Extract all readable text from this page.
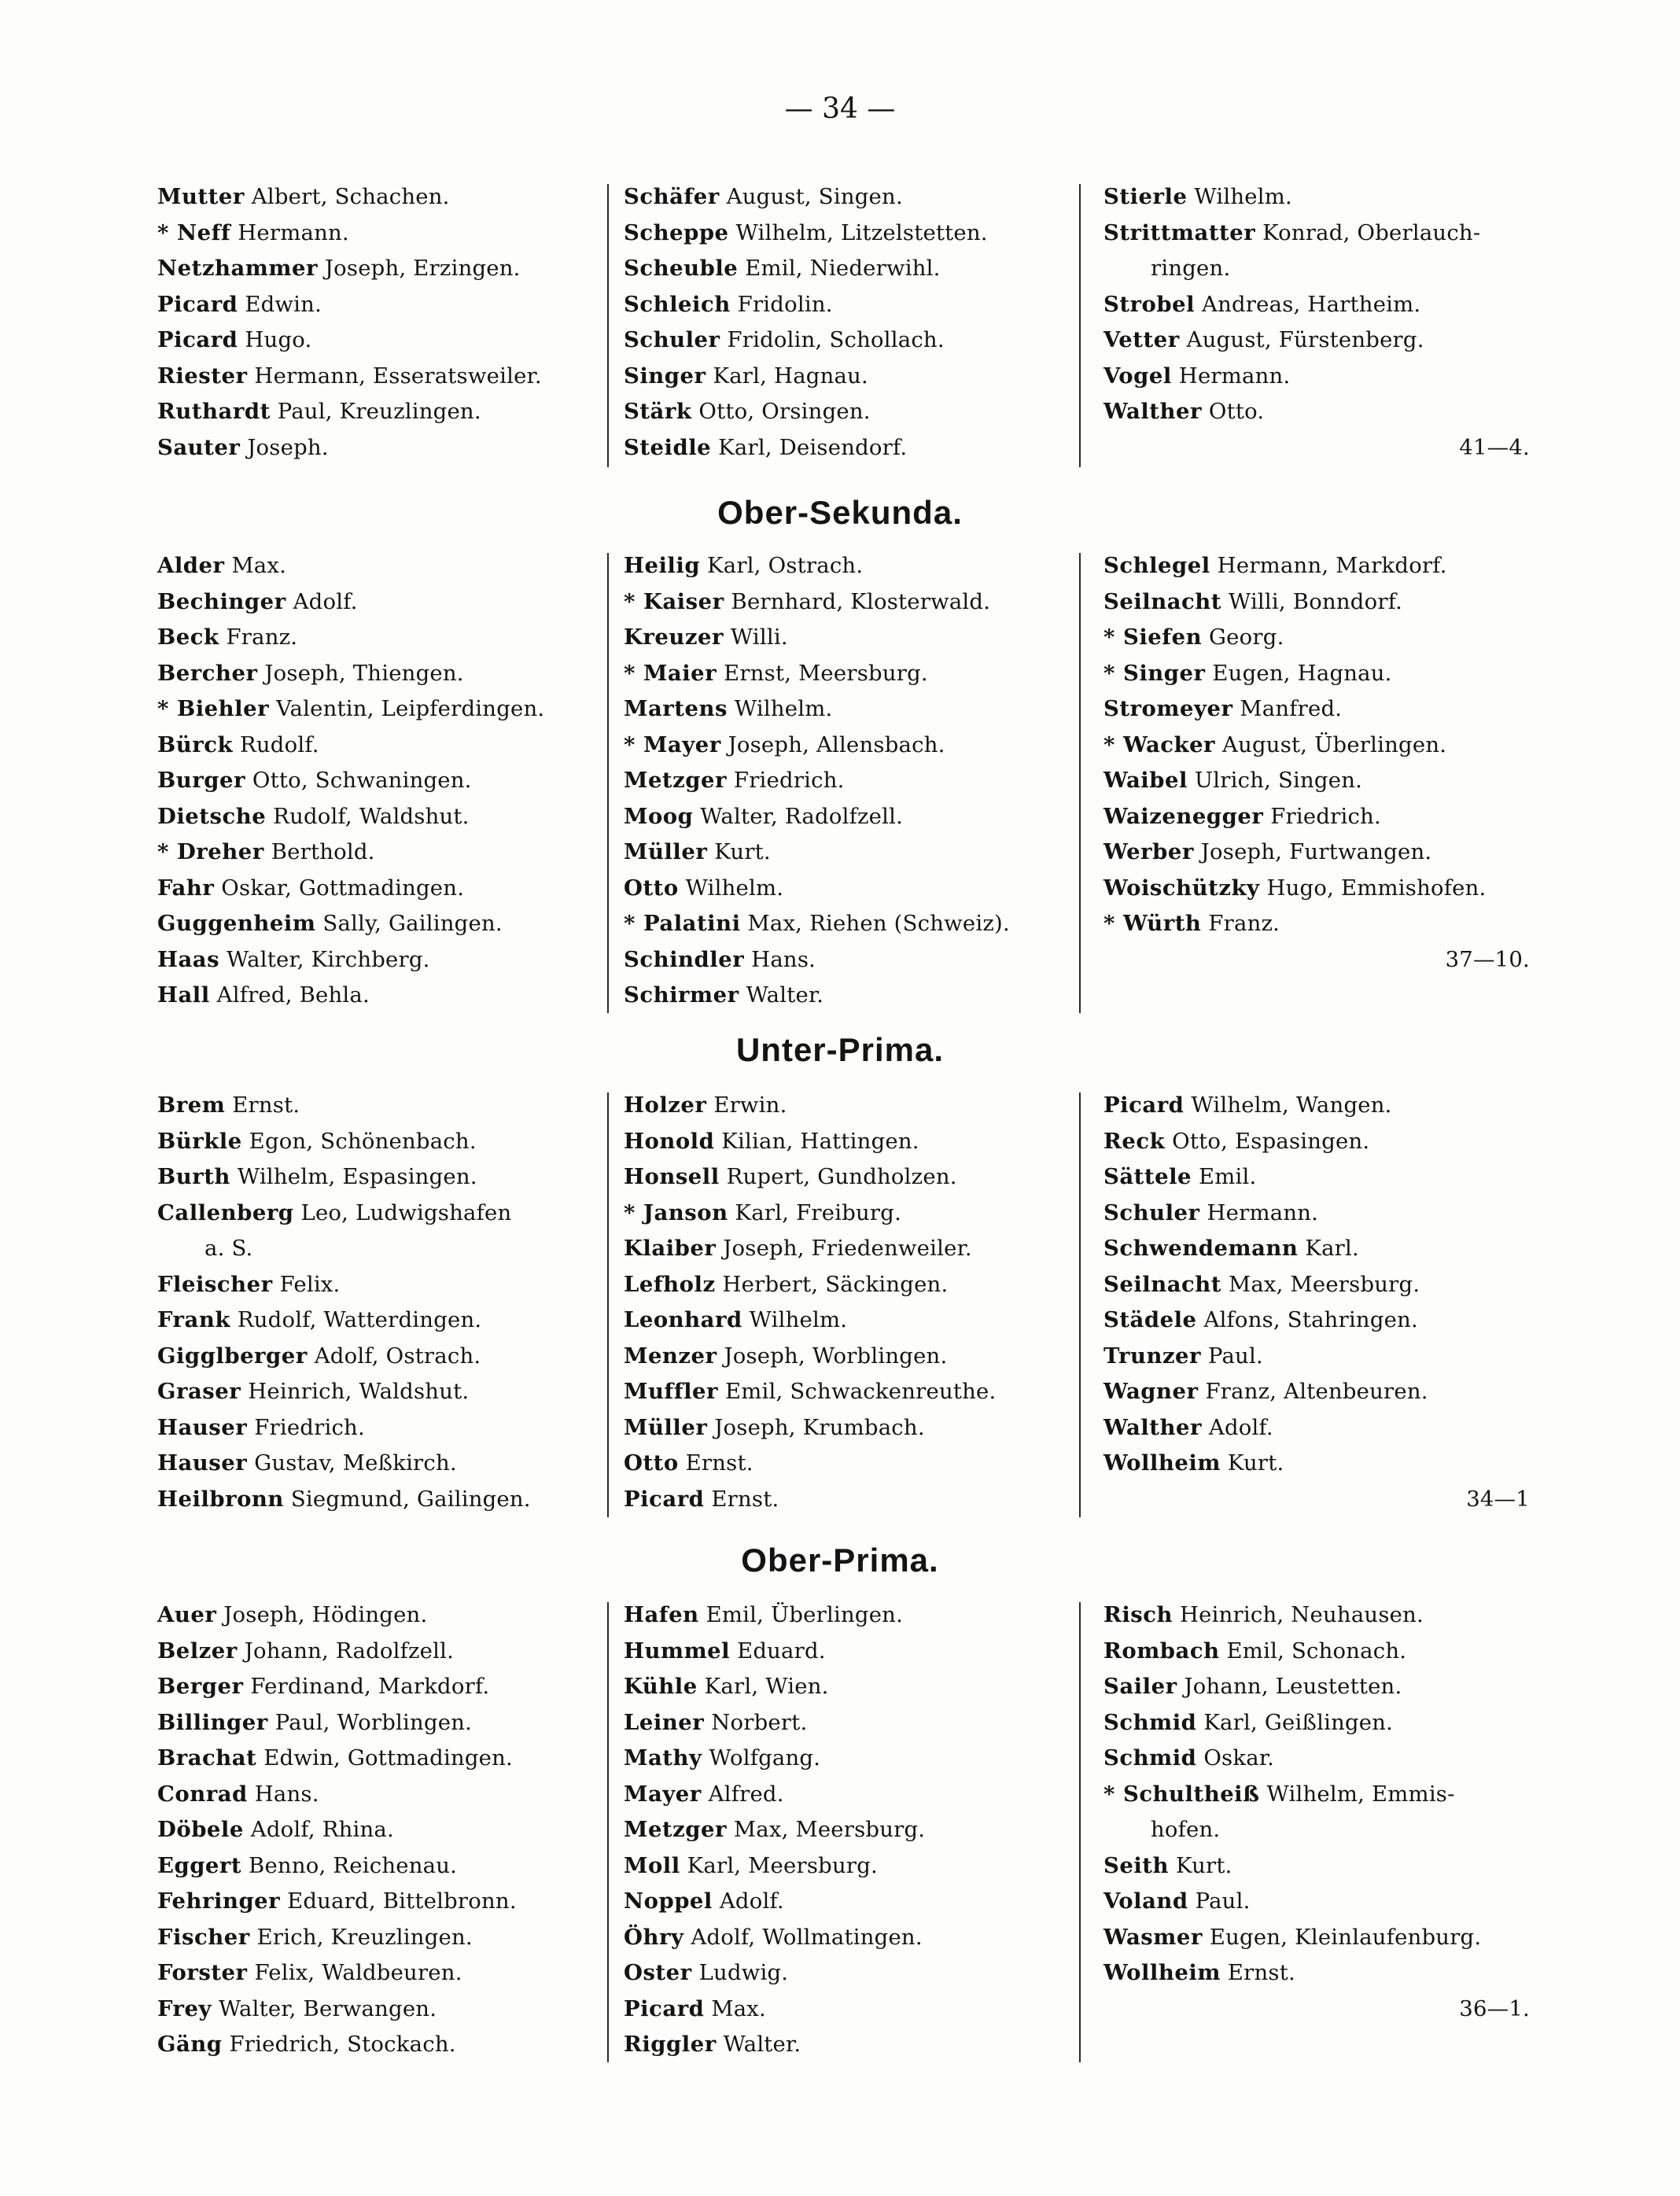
— 34 —
Mutter Albert, Schachen.
* Neff Hermann.
Netzhammer Joseph, Erzingen.
Picard Edwin.
Picard Hugo.
Riester Hermann, Esseratsweiler.
Ruthardt Paul, Kreuzlingen.
Sauter Joseph.
Schäfer August, Singen.
Scheppe Wilhelm, Litzelstetten.
Scheuble Emil, Niederwihl.
Schleich Fridolin.
Schuler Fridolin, Schollach.
Singer Karl, Hagnau.
Stärk Otto, Orsingen.
Steidle Karl, Deisendorf.
Stierle Wilhelm.
Strittmatter Konrad, Oberlauch-
ringen.
Strobel Andreas, Hartheim.
Vetter August, Fürstenberg.
Vogel Hermann.
Walther Otto.
41—4.
Ober-Sekunda.
Alder Max.
Bechinger Adolf.
Beck Franz.
Bercher Joseph, Thiengen.
* Biehler Valentin, Leipferdingen.
Bürck Rudolf.
Burger Otto, Schwaningen.
Dietsche Rudolf, Waldshut.
* Dreher Berthold.
Fahr Oskar, Gottmadingen.
Guggenheim Sally, Gailingen.
Haas Walter, Kirchberg.
Hall Alfred, Behla.
Heilig Karl, Ostrach.
* Kaiser Bernhard, Klosterwald.
Kreuzer Willi.
* Maier Ernst, Meersburg.
Martens Wilhelm.
* Mayer Joseph, Allensbach.
Metzger Friedrich.
Moog Walter, Radolfzell.
Müller Kurt.
Otto Wilhelm.
* Palatini Max, Riehen (Schweiz).
Schindler Hans.
Schirmer Walter.
Schlegel Hermann, Markdorf.
Seilnacht Willi, Bonndorf.
* Siefen Georg.
* Singer Eugen, Hagnau.
Stromeyer Manfred.
* Wacker August, Überlingen.
Waibel Ulrich, Singen.
Waizenegger Friedrich.
Werber Joseph, Furtwangen.
Woischützky Hugo, Emmishofen.
* Würth Franz.
37—10.
Unter-Prima.
Brem Ernst.
Bürkle Egon, Schönenbach.
Burth Wilhelm, Espasingen.
Callenberg Leo, Ludwigshafen
a. S.
Fleischer Felix.
Frank Rudolf, Watterdingen.
Gigglberger Adolf, Ostrach.
Graser Heinrich, Waldshut.
Hauser Friedrich.
Hauser Gustav, Meßkirch.
Heilbronn Siegmund, Gailingen.
Holzer Erwin.
Honold Kilian, Hattingen.
Honsell Rupert, Gundholzen.
* Janson Karl, Freiburg.
Klaiber Joseph, Friedenweiler.
Lefholz Herbert, Säckingen.
Leonhard Wilhelm.
Menzer Joseph, Worblingen.
Muffler Emil, Schwackenreuthe.
Müller Joseph, Krumbach.
Otto Ernst.
Picard Ernst.
Picard Wilhelm, Wangen.
Reck Otto, Espasingen.
Sättele Emil.
Schuler Hermann.
Schwendemann Karl.
Seilnacht Max, Meersburg.
Städele Alfons, Stahringen.
Trunzer Paul.
Wagner Franz, Altenbeuren.
Walther Adolf.
Wollheim Kurt.
34—1
Ober-Prima.
Auer Joseph, Hödingen.
Belzer Johann, Radolfzell.
Berger Ferdinand, Markdorf.
Billinger Paul, Worblingen.
Brachat Edwin, Gottmadingen.
Conrad Hans.
Döbele Adolf, Rhina.
Eggert Benno, Reichenau.
Fehringer Eduard, Bittelbronn.
Fischer Erich, Kreuzlingen.
Forster Felix, Waldbeuren.
Frey Walter, Berwangen.
Gäng Friedrich, Stockach.
Hafen Emil, Überlingen.
Hummel Eduard.
Kühle Karl, Wien.
Leiner Norbert.
Mathy Wolfgang.
Mayer Alfred.
Metzger Max, Meersburg.
Moll Karl, Meersburg.
Noppel Adolf.
Öhry Adolf, Wollmatingen.
Oster Ludwig.
Picard Max.
Riggler Walter.
Risch Heinrich, Neuhausen.
Rombach Emil, Schonach.
Sailer Johann, Leustetten.
Schmid Karl, Geißlingen.
Schmid Oskar.
* Schultheiß Wilhelm, Emmis-
hofen.
Seith Kurt.
Voland Paul.
Wasmer Eugen, Kleinlaufenburg.
Wollheim Ernst.
36—1.
